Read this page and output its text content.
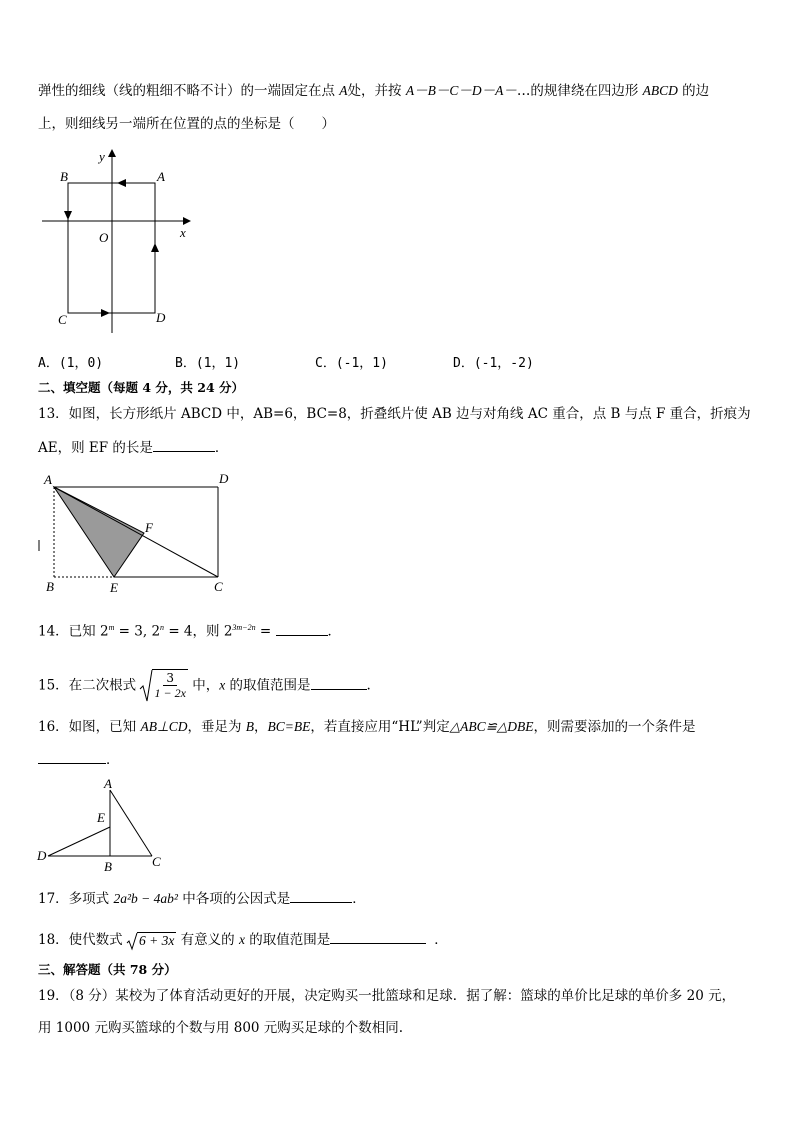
弹性的细线（线的粗细不略不计）的一端固定在点 A处，并按 A－B－C－D－A－…的规律绕在四边形 ABCD 的边
上，则细线另一端所在位置的点的坐标是（　　）
y
x
O
A
B
C	D
A．(1，0)	B．(1，1)	C．(-1，1)	D．(-1，-2)
二、填空题（每题 4 分，共 24 分）
13．如图，长方形纸片 ABCD 中，AB=6，BC=8，折叠纸片使 AB 边与对角线 AC 重合，点 B 与点 F 重合，折痕为
AE，则 EF 的长是	．
A	D
F
B	E	C
14．已知 $2^m = 3$, $2^n = 4$，则 $2^{3m-2n}$ =	．
15．在二次根式 $\frac{3}{1 - 2x}$ 中，x 的取值范围是	.
16．如图，已知 AB⊥CD，垂足为 B，BC=BE，若直接应用“HL”判定△ABC≌△DBE，则需要添加的一个条件是
．
A
E
D
B	C
17．多项式 2a²b − 4ab² 中各项的公因式是	．
18．使代数式 6 + 3x 有意义的 x 的取值范围是	．
三、解答题（共 78 分）
19．（8 分）某校为了体育活动更好的开展，决定购买一批篮球和足球．据了解：篮球的单价比足球的单价多 20 元，
用 1000 元购买篮球的个数与用 800 元购买足球的个数相同.
